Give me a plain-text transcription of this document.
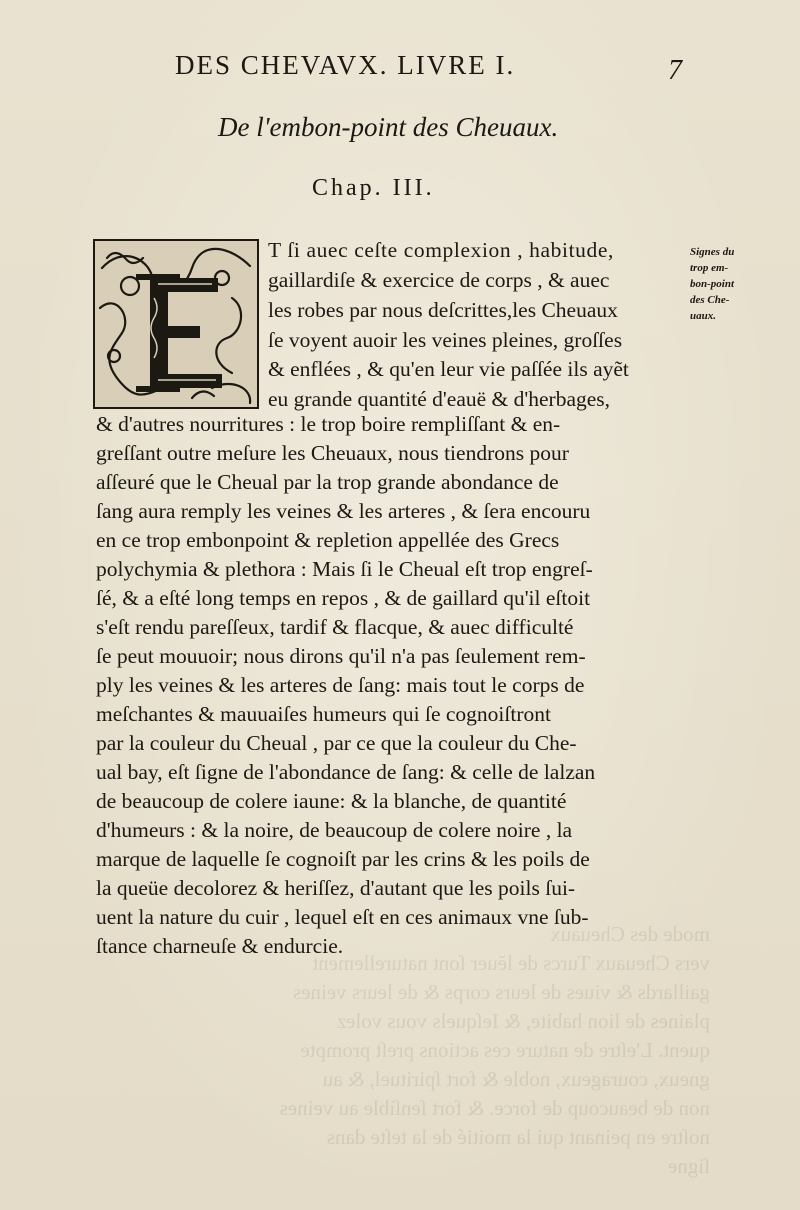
mode des Cheuaux
vers Cheuaux Turcs de lĕuer ſont naturellement
gaillards & viues de leurs corps & de leurs veines
plaines de lion habite, & Ieſquels vous volez
quent. L'eſtre de nature ces actions preſt prompte
gneux, courageux, noble & fort ſpirituel, & au
non de beaucoup de force. & fort ſenſible au veines
noſtre en peinant qui la moitié de la teſte dans
ſigne
DES CHEVAVX. LIVRE I.	7
De l'embon-point des Cheuaux.
Chap. III.
T ſi auec ceſte complexion , habitude,
gaillardiſe & exercice de corps , & auec
les robes par nous deſcrittes,les Cheuaux
ſe voyent auoir les veines pleines, groſſes
& enflées , & qu'en leur vie paſſée ils ayẽt
eu grande quantité d'eauë & d'herbages,
& d'autres nourritures : le trop boire rempliſſant & en-
greſſant outre meſure les Cheuaux, nous tiendrons pour
aſſeuré que le Cheual par la trop grande abondance de
ſang aura remply les veines & les arteres , & ſera encouru
en ce trop embonpoint & repletion appellée des Grecs
polychymia & plethora : Mais ſi le Cheual eſt trop engreſ-
ſé, & a eſté long temps en repos , & de gaillard qu'il eſtoit
s'eſt rendu pareſſeux, tardif & flacque, & auec difficulté
ſe peut mouuoir; nous dirons qu'il n'a pas ſeulement rem-
ply les veines & les arteres de ſang: mais tout le corps de
meſchantes & mauuaiſes humeurs qui ſe cognoiſtront
par la couleur du Cheual , par ce que la couleur du Che-
ual bay, eſt ſigne de l'abondance de ſang: & celle de lalzan
de beaucoup de colere iaune: & la blanche, de quantité
d'humeurs : & la noire, de beaucoup de colere noire , la
marque de laquelle ſe cognoiſt par les crins & les poils de
la queüe decolorez & heriſſez, d'autant que les poils ſui-
uent la nature du cuir , lequel eſt en ces animaux vne ſub-
ſtance charneuſe & endurcie.
Signes du
trop em-
bon-point
des Che-
uaux.
